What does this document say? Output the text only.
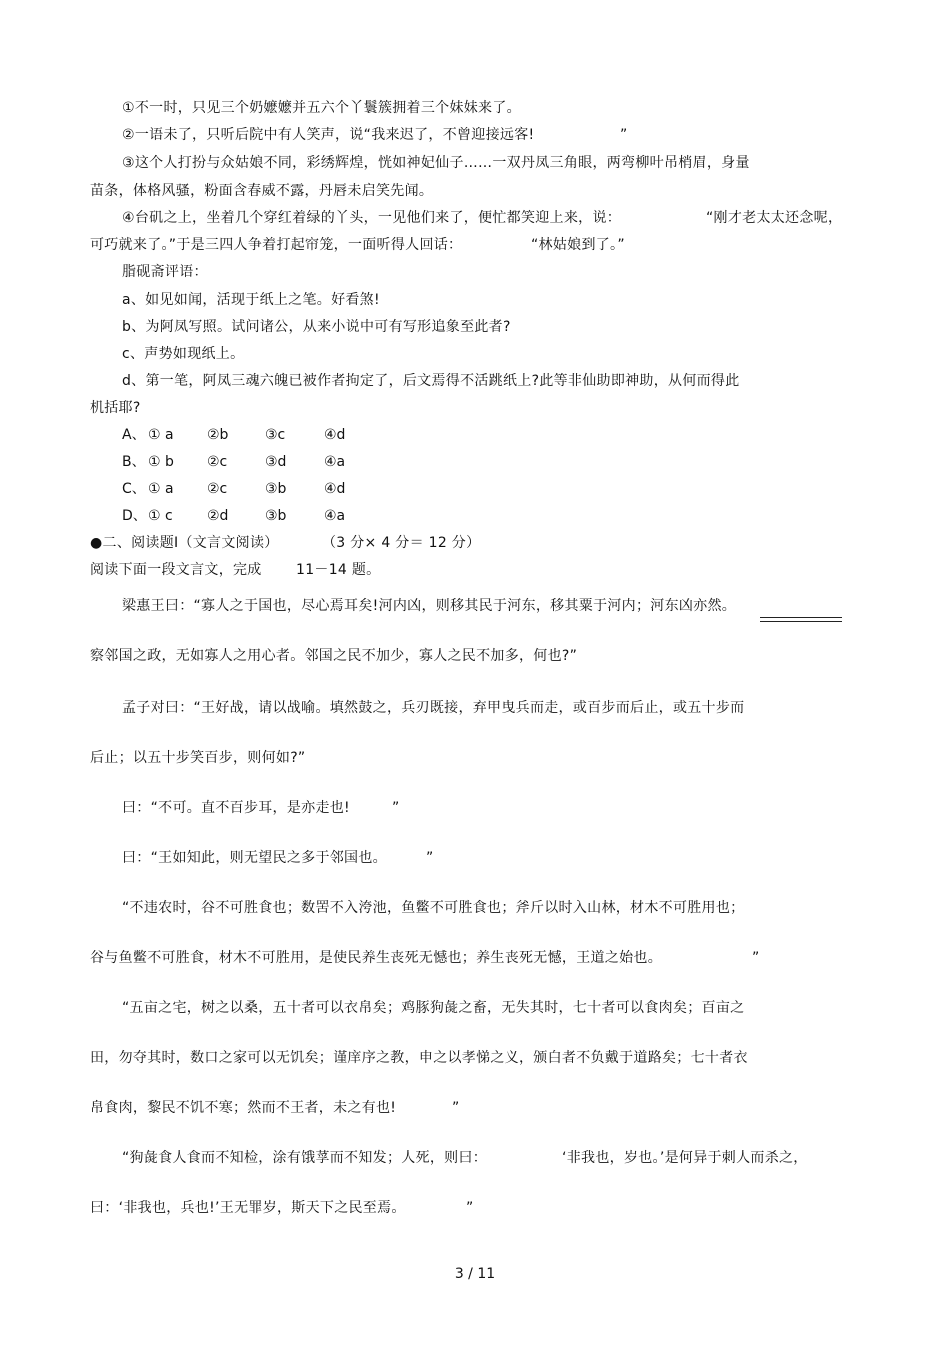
①不一时，只见三个奶嬷嬷并五六个丫鬟簇拥着三个妹妹来了。
②一语未了，只听后院中有人笑声，说“我来迟了，不曾迎接远客!	”
③这个人打扮与众姑娘不同，彩绣辉煌，恍如神妃仙子……一双丹凤三角眼，两弯柳叶吊梢眉，身量
苗条，体格风骚，粉面含春威不露，丹唇未启笑先闻。
④台矶之上，坐着几个穿红着绿的丫头，一见他们来了，便忙都笑迎上来，说：	“刚才老太太还念呢，
可巧就来了。”于是三四人争着打起帘笼，一面听得人回话：	“林姑娘到了。”
脂砚斋评语：
a、如见如闻，活现于纸上之笔。好看煞!
b、为阿凤写照。试问诸公，从来小说中可有写形追象至此者?
c、声势如现纸上。
d、第一笔，阿凤三魂六魄已被作者拘定了，后文焉得不活跳纸上?此等非仙助即神助，从何而得此
机括耶?
A、 ① a ②b	③c	④d
B、 ① b ②c	③d	④a
C、 ① a ②c	③b	④d
D、 ① c ②d	③b	④a
●二、阅读题Ⅰ（文言文阅读）	（3 分× 4 分＝ 12 分）
阅读下面一段文言文，完成 11－14 题。
梁惠王曰：“寡人之于国也，尽心焉耳矣!河内凶，则移其民于河东，移其粟于河内；河东凶亦然。
察邻国之政，无如寡人之用心者。邻国之民不加少，寡人之民不加多，何也?”
孟子对曰：“王好战，请以战喻。填然鼓之，兵刃既接，弃甲曳兵而走，或百步而后止，或五十步而
后止；以五十步笑百步，则何如?”
曰：“不可。直不百步耳，是亦走也!	”
曰：“王如知此，则无望民之多于邻国也。	”
“不违农时，谷不可胜食也；数罟不入洿池，鱼鳖不可胜食也；斧斤以时入山林，材木不可胜用也；
谷与鱼鳖不可胜食，材木不可胜用，是使民养生丧死无憾也；养生丧死无憾，王道之始也。	”
“五亩之宅，树之以桑，五十者可以衣帛矣；鸡豚狗彘之畜，无失其时，七十者可以食肉矣；百亩之
田，勿夺其时，数口之家可以无饥矣；谨庠序之教，申之以孝悌之义，颁白者不负戴于道路矣；七十者衣
帛食肉，黎民不饥不寒；然而不王者，未之有也!	”
“狗彘食人食而不知检，涂有饿莩而不知发；人死，则曰：	‘非我也，岁也。’是何异于刺人而杀之，
曰：‘非我也，兵也!’王无罪岁，斯天下之民至焉。	”
3 / 11
